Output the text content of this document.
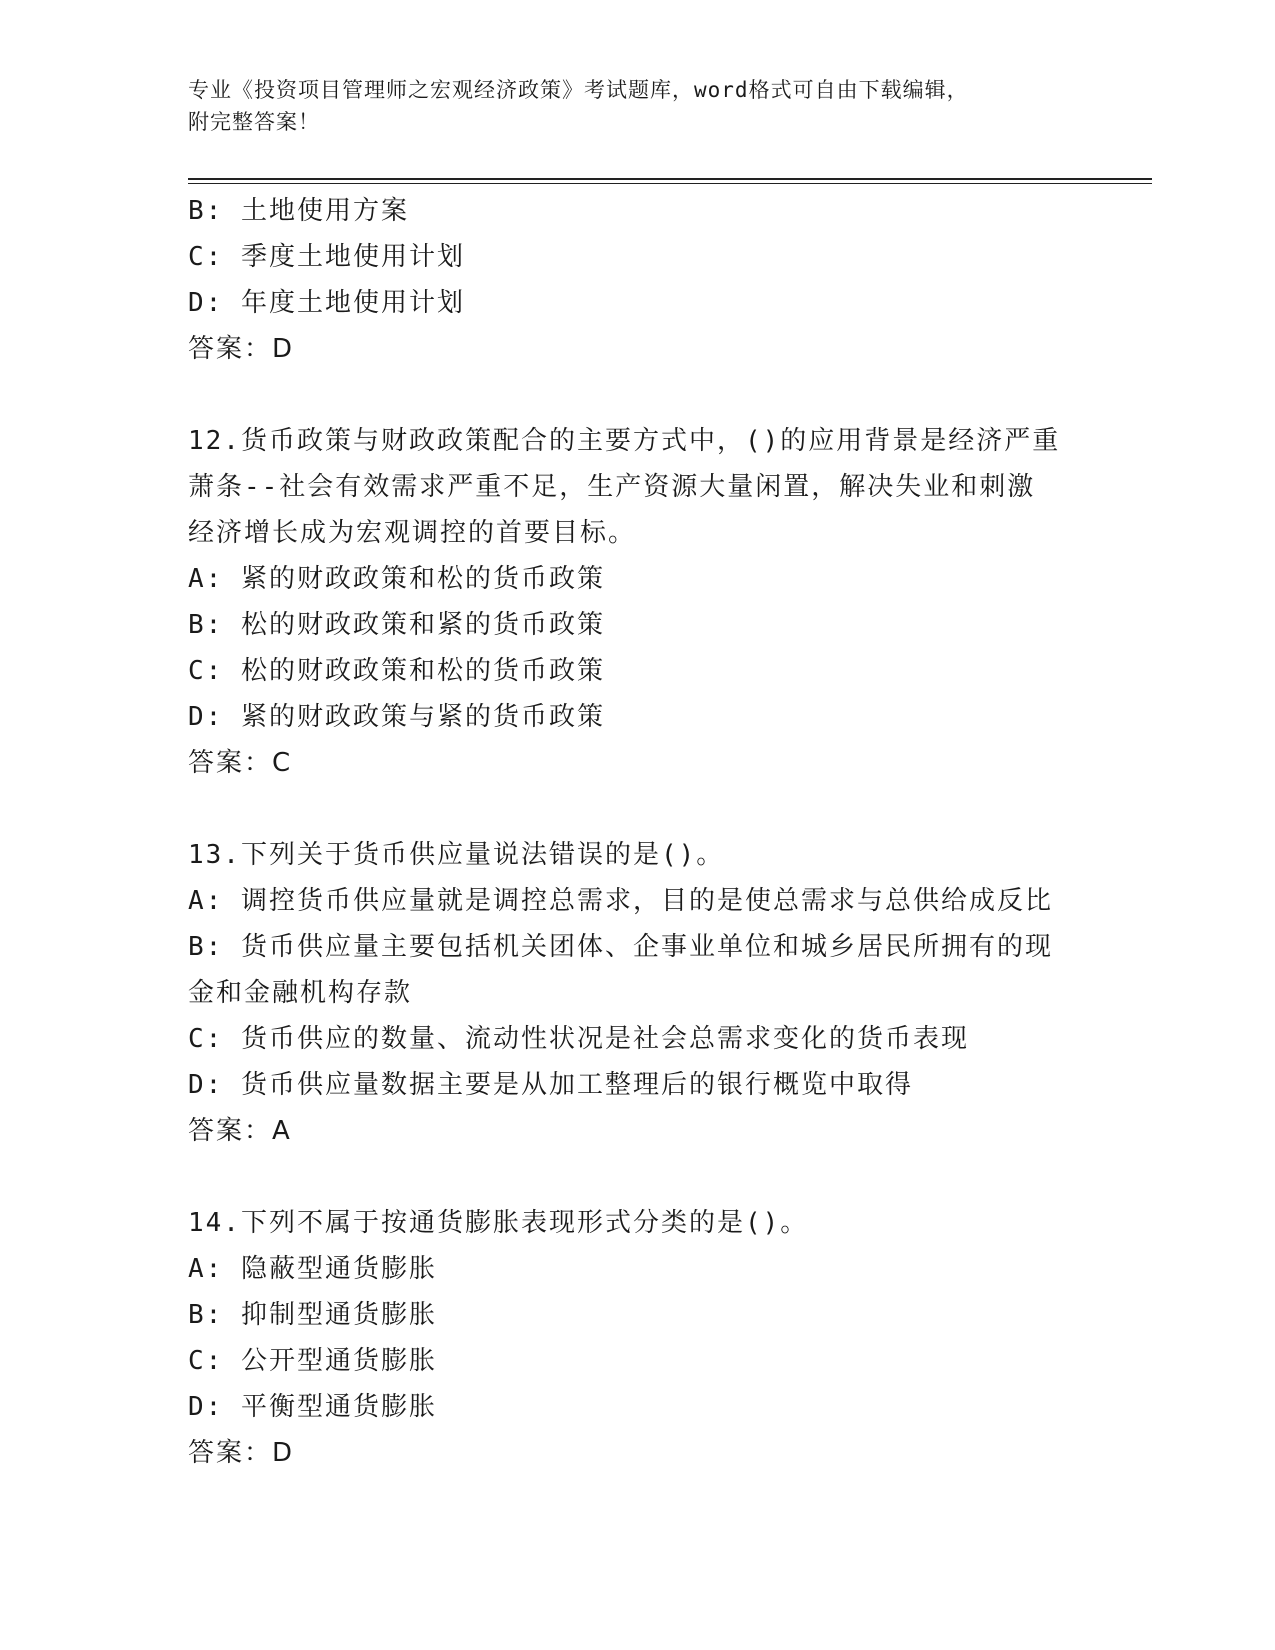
专业《投资项目管理师之宏观经济政策》考试题库，word格式可自由下载编辑，
附完整答案！
B: 土地使用方案
C: 季度土地使用计划
D: 年度土地使用计划
答案：D
12.货币政策与财政政策配合的主要方式中，()的应用背景是经济严重
萧条--社会有效需求严重不足，生产资源大量闲置，解决失业和刺激
经济增长成为宏观调控的首要目标。
A: 紧的财政政策和松的货币政策
B: 松的财政政策和紧的货币政策
C: 松的财政政策和松的货币政策
D: 紧的财政政策与紧的货币政策
答案：C
13.下列关于货币供应量说法错误的是()。
A: 调控货币供应量就是调控总需求，目的是使总需求与总供给成反比
B: 货币供应量主要包括机关团体、企事业单位和城乡居民所拥有的现
金和金融机构存款
C: 货币供应的数量、流动性状况是社会总需求变化的货币表现
D: 货币供应量数据主要是从加工整理后的银行概览中取得
答案：A
14.下列不属于按通货膨胀表现形式分类的是()。
A: 隐蔽型通货膨胀
B: 抑制型通货膨胀
C: 公开型通货膨胀
D: 平衡型通货膨胀
答案：D
